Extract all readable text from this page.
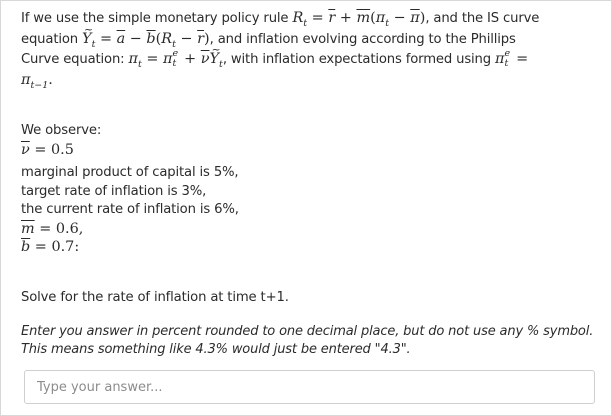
If we use the simple monetary policy rule $R_t = \overline{r} + \overline{m}(\pi_t - \overline{\pi})$, and the IS curve
equation ~ $Y_t = \overline{a} - \overline{b}(R_t - \overline{r})$, and inflation evolving according to the Phillips
Curve equation: $\pi_t = \pi$ e
$t + \overline{\nu}\sim$ $Y_t$, with inflation expectations formed using π e
t =
$\pi_{t-1}$.
We observe:
$\overline{\nu} = 0.5$
marginal product of capital is 5%,
target rate of inflation is 3%,
the current rate of inflation is 6%,
$\overline{m} = 0.6$,
$\overline{b} = 0.7$:
Solve for the rate of inflation at time t+1.
Enter you answer in percent rounded to one decimal place, but do not use any % symbol.
This means something like 4.3% would just be entered "4.3".
Type your answer...
